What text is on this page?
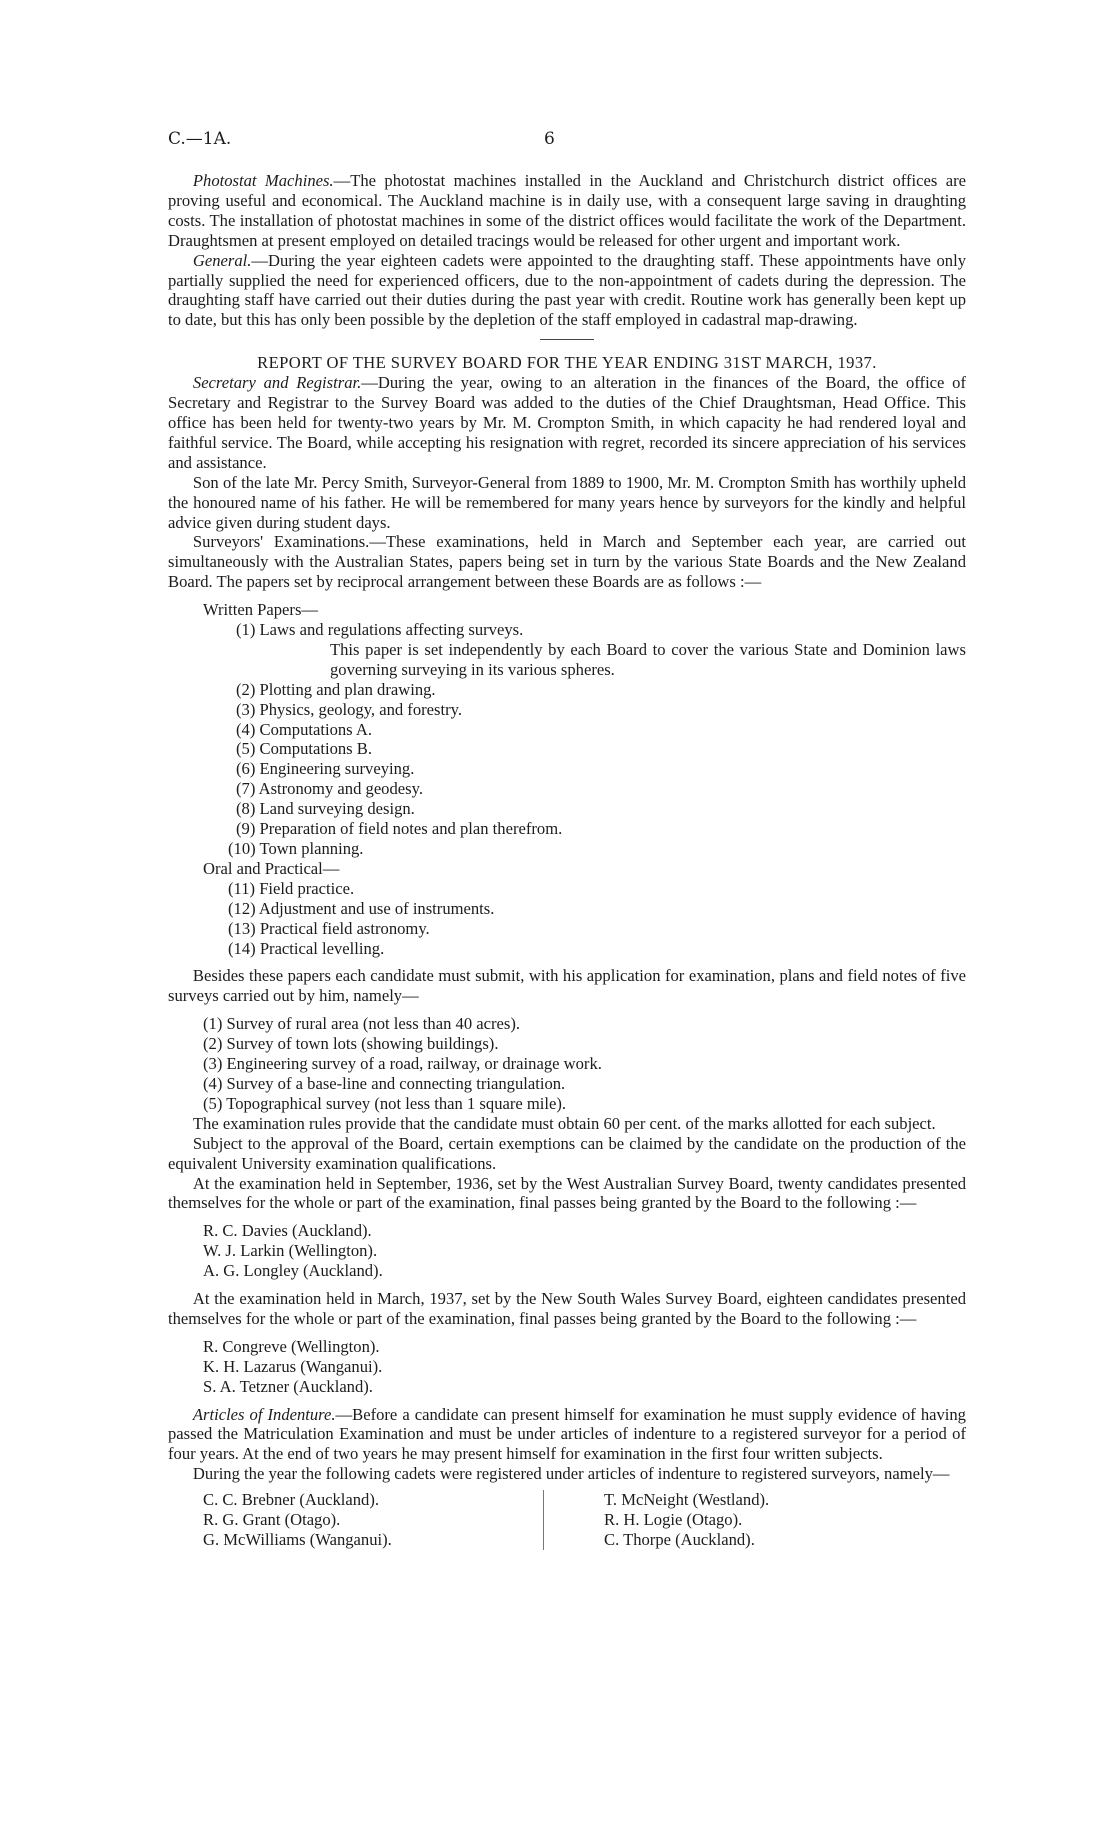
C.—1A.	6

  Photostat Machines.—The photostat machines installed in the Auckland and Christchurch district offices are proving useful and economical. The Auckland machine is in daily use, with a consequent large saving in draughting costs. The installation of photostat machines in some of the district offices would facilitate the work of the Department. Draughtsmen at present employed on detailed tracings would be released for other urgent and important work.

  General.—During the year eighteen cadets were appointed to the draughting staff. These appointments have only partially supplied the need for experienced officers, due to the non-appointment of cadets during the depression. The draughting staff have carried out their duties during the past year with credit. Routine work has generally been kept up to date, but this has only been possible by the depletion of the staff employed in cadastral map-drawing.

REPORT OF THE SURVEY BOARD FOR THE YEAR ENDING 31ST MARCH, 1937.

  Secretary and Registrar.—During the year, owing to an alteration in the finances of the Board, the office of Secretary and Registrar to the Survey Board was added to the duties of the Chief Draughtsman, Head Office. This office has been held for twenty-two years by Mr. M. Crompton Smith, in which capacity he had rendered loyal and faithful service. The Board, while accepting his resignation with regret, recorded its sincere appreciation of his services and assistance.

  Son of the late Mr. Percy Smith, Surveyor-General from 1889 to 1900, Mr. M. Crompton Smith has worthily upheld the honoured name of his father. He will be remembered for many years hence by surveyors for the kindly and helpful advice given during student days.

  Surveyors' Examinations.—These examinations, held in March and September each year, are carried out simultaneously with the Australian States, papers being set in turn by the various State Boards and the New Zealand Board. The papers set by reciprocal arrangement between these Boards are as follows :—

Written Papers—

(1) Laws and regulations affecting surveys.

This paper is set independently by each Board to cover the various State and Dominion laws governing surveying in its various spheres.

(2) Plotting and plan drawing.

(3) Physics, geology, and forestry.

(4) Computations A.

(5) Computations B.

(6) Engineering surveying.

(7) Astronomy and geodesy.

(8) Land surveying design.

(9) Preparation of field notes and plan therefrom.

(10) Town planning.

Oral and Practical—

(11) Field practice.

(12) Adjustment and use of instruments.

(13) Practical field astronomy.

(14) Practical levelling.

  Besides these papers each candidate must submit, with his application for examination, plans and field notes of five surveys carried out by him, namely—

(1) Survey of rural area (not less than 40 acres).

(2) Survey of town lots (showing buildings).

(3) Engineering survey of a road, railway, or drainage work.

(4) Survey of a base-line and connecting triangulation.

(5) Topographical survey (not less than 1 square mile).

  The examination rules provide that the candidate must obtain 60 per cent. of the marks allotted for each subject.

  Subject to the approval of the Board, certain exemptions can be claimed by the candidate on the production of the equivalent University examination qualifications.

  At the examination held in September, 1936, set by the West Australian Survey Board, twenty candidates presented themselves for the whole or part of the examination, final passes being granted by the Board to the following :—

R. C. Davies (Auckland).

W. J. Larkin (Wellington).

A. G. Longley (Auckland).

  At the examination held in March, 1937, set by the New South Wales Survey Board, eighteen candidates presented themselves for the whole or part of the examination, final passes being granted by the Board to the following :—

R. Congreve (Wellington).

K. H. Lazarus (Wanganui).

S. A. Tetzner (Auckland).

  Articles of Indenture.—Before a candidate can present himself for examination he must supply evidence of having passed the Matriculation Examination and must be under articles of indenture to a registered surveyor for a period of four years. At the end of two years he may present himself for examination in the first four written subjects.

  During the year the following cadets were registered under articles of indenture to registered surveyors, namely—

C. C. Brebner (Auckland).

R. G. Grant (Otago).

G. McWilliams (Wanganui).

T. McNeight (Westland).

R. H. Logie (Otago).

C. Thorpe (Auckland).
